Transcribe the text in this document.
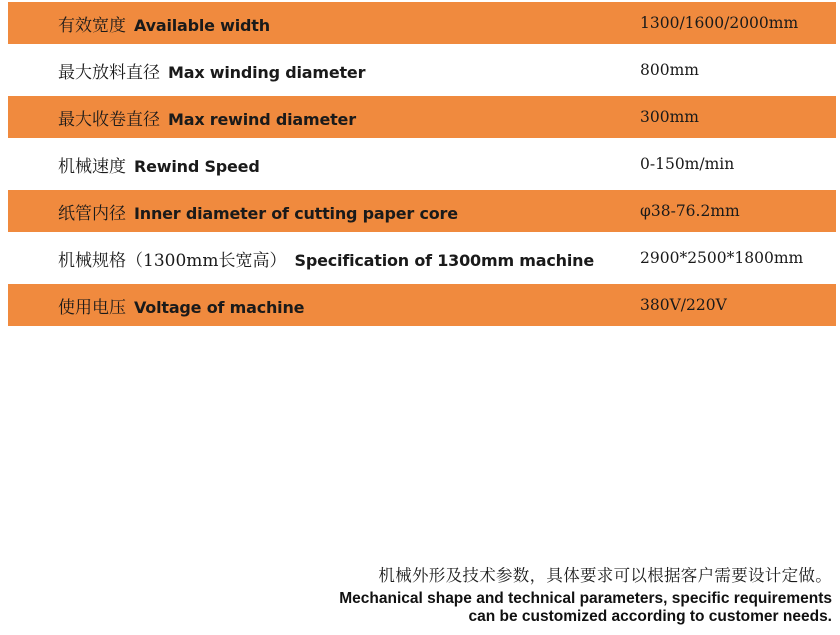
有效宽度 Available width	1300/1600/2000mm
最大放料直径 Max winding diameter	800mm
最大收卷直径 Max rewind diameter	300mm
机械速度 Rewind Speed	0-150m/min
纸管内径 Inner diameter of cutting paper core	φ38-76.2mm
机械规格（1300mm长宽高） Specification of 1300mm machine	2900*2500*1800mm
使用电压 Voltage of machine	380V/220V
机械外形及技术参数，具体要求可以根据客户需要设计定做。
Mechanical shape and technical parameters, specific requirements
can be customized according to customer needs.
